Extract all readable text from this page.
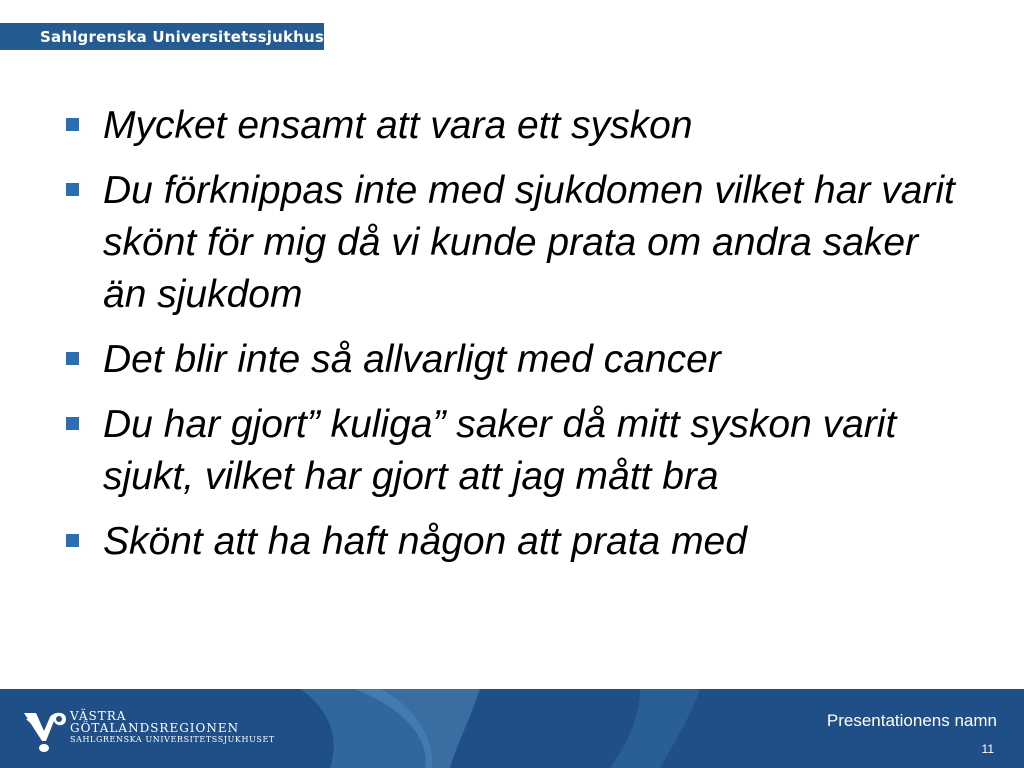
Sahlgrenska Universitetssjukhuset
Mycket ensamt att vara ett syskon
Du förknippas inte med sjukdomen vilket har varit skönt för mig då vi kunde prata om andra saker än sjukdom
Det blir inte så allvarligt med cancer
Du har gjort” kuliga” saker då mitt syskon varit sjukt, vilket har gjort att jag mått bra
Skönt att ha haft någon att prata med
VÄSTRA
GÖTALANDSREGIONEN
SAHLGRENSKA UNIVERSITETSSJUKHUSET
Presentationens namn
11
